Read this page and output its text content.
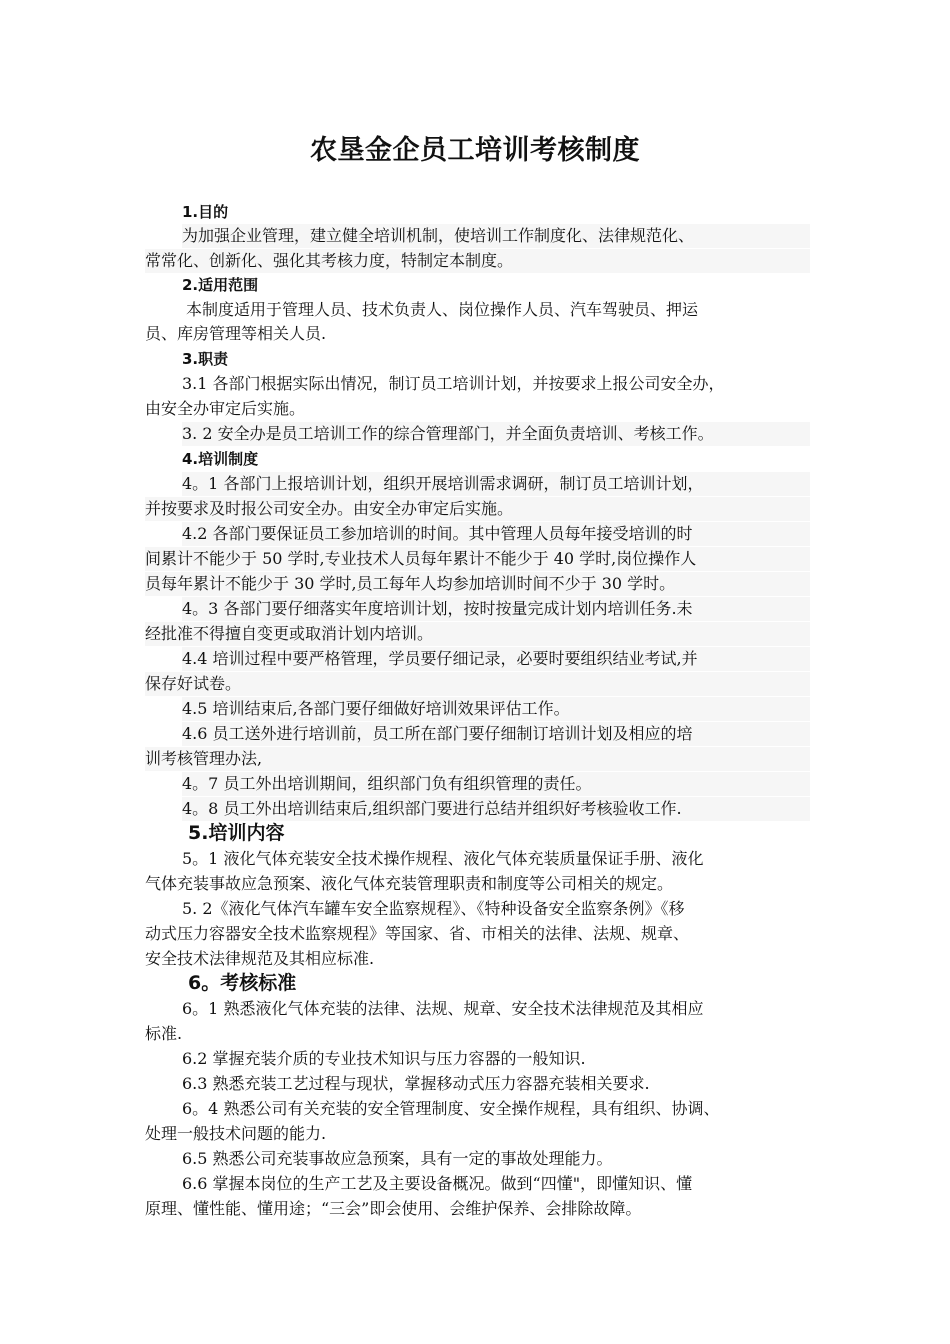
农垦金企员工培训考核制度
1.目的
为加强企业管理，建立健全培训机制，使培训工作制度化、法律规范化、
常常化、创新化、强化其考核力度，特制定本制度。
2.适用范围
本制度适用于管理人员、技术负责人、岗位操作人员、汽车驾驶员、押运
员、库房管理等相关人员.
3.职责
3.1 各部门根据实际出情况，制订员工培训计划，并按要求上报公司安全办，
由安全办审定后实施。
3. 2 安全办是员工培训工作的综合管理部门，并全面负责培训、考核工作。
4.培训制度
4。1 各部门上报培训计划，组织开展培训需求调研，制订员工培训计划，
并按要求及时报公司安全办。由安全办审定后实施。
4.2 各部门要保证员工参加培训的时间。其中管理人员每年接受培训的时
间累计不能少于 50 学时,专业技术人员每年累计不能少于 40 学时,岗位操作人
员每年累计不能少于 30 学时,员工每年人均参加培训时间不少于 30 学时。
4。3 各部门要仔细落实年度培训计划，按时按量完成计划内培训任务.未
经批准不得擅自变更或取消计划内培训。
4.4 培训过程中要严格管理，学员要仔细记录，必要时要组织结业考试,并
保存好试卷。
4.5 培训结束后,各部门要仔细做好培训效果评估工作。
4.6 员工送外进行培训前，员工所在部门要仔细制订培训计划及相应的培
训考核管理办法,
4。7 员工外出培训期间，组织部门负有组织管理的责任。
4。8 员工外出培训结束后,组织部门要进行总结并组织好考核验收工作.
5.培训内容
5。1 液化气体充装安全技术操作规程、液化气体充装质量保证手册、液化
气体充装事故应急预案、液化气体充装管理职责和制度等公司相关的规定。
5. 2《液化气体汽车罐车安全监察规程》、《特种设备安全监察条例》《移
动式压力容器安全技术监察规程》等国家、省、市相关的法律、法规、规章、
安全技术法律规范及其相应标准.
6。考核标准
6。1 熟悉液化气体充装的法律、法规、规章、安全技术法律规范及其相应
标准.
6.2 掌握充装介质的专业技术知识与压力容器的一般知识.
6.3 熟悉充装工艺过程与现状，掌握移动式压力容器充装相关要求.
6。4 熟悉公司有关充装的安全管理制度、安全操作规程，具有组织、协调、
处理一般技术问题的能力.
6.5 熟悉公司充装事故应急预案，具有一定的事故处理能力。
6.6 掌握本岗位的生产工艺及主要设备概况。做到“四懂"，即懂知识、懂
原理、懂性能、懂用途；“三会”即会使用、会维护保养、会排除故障。
